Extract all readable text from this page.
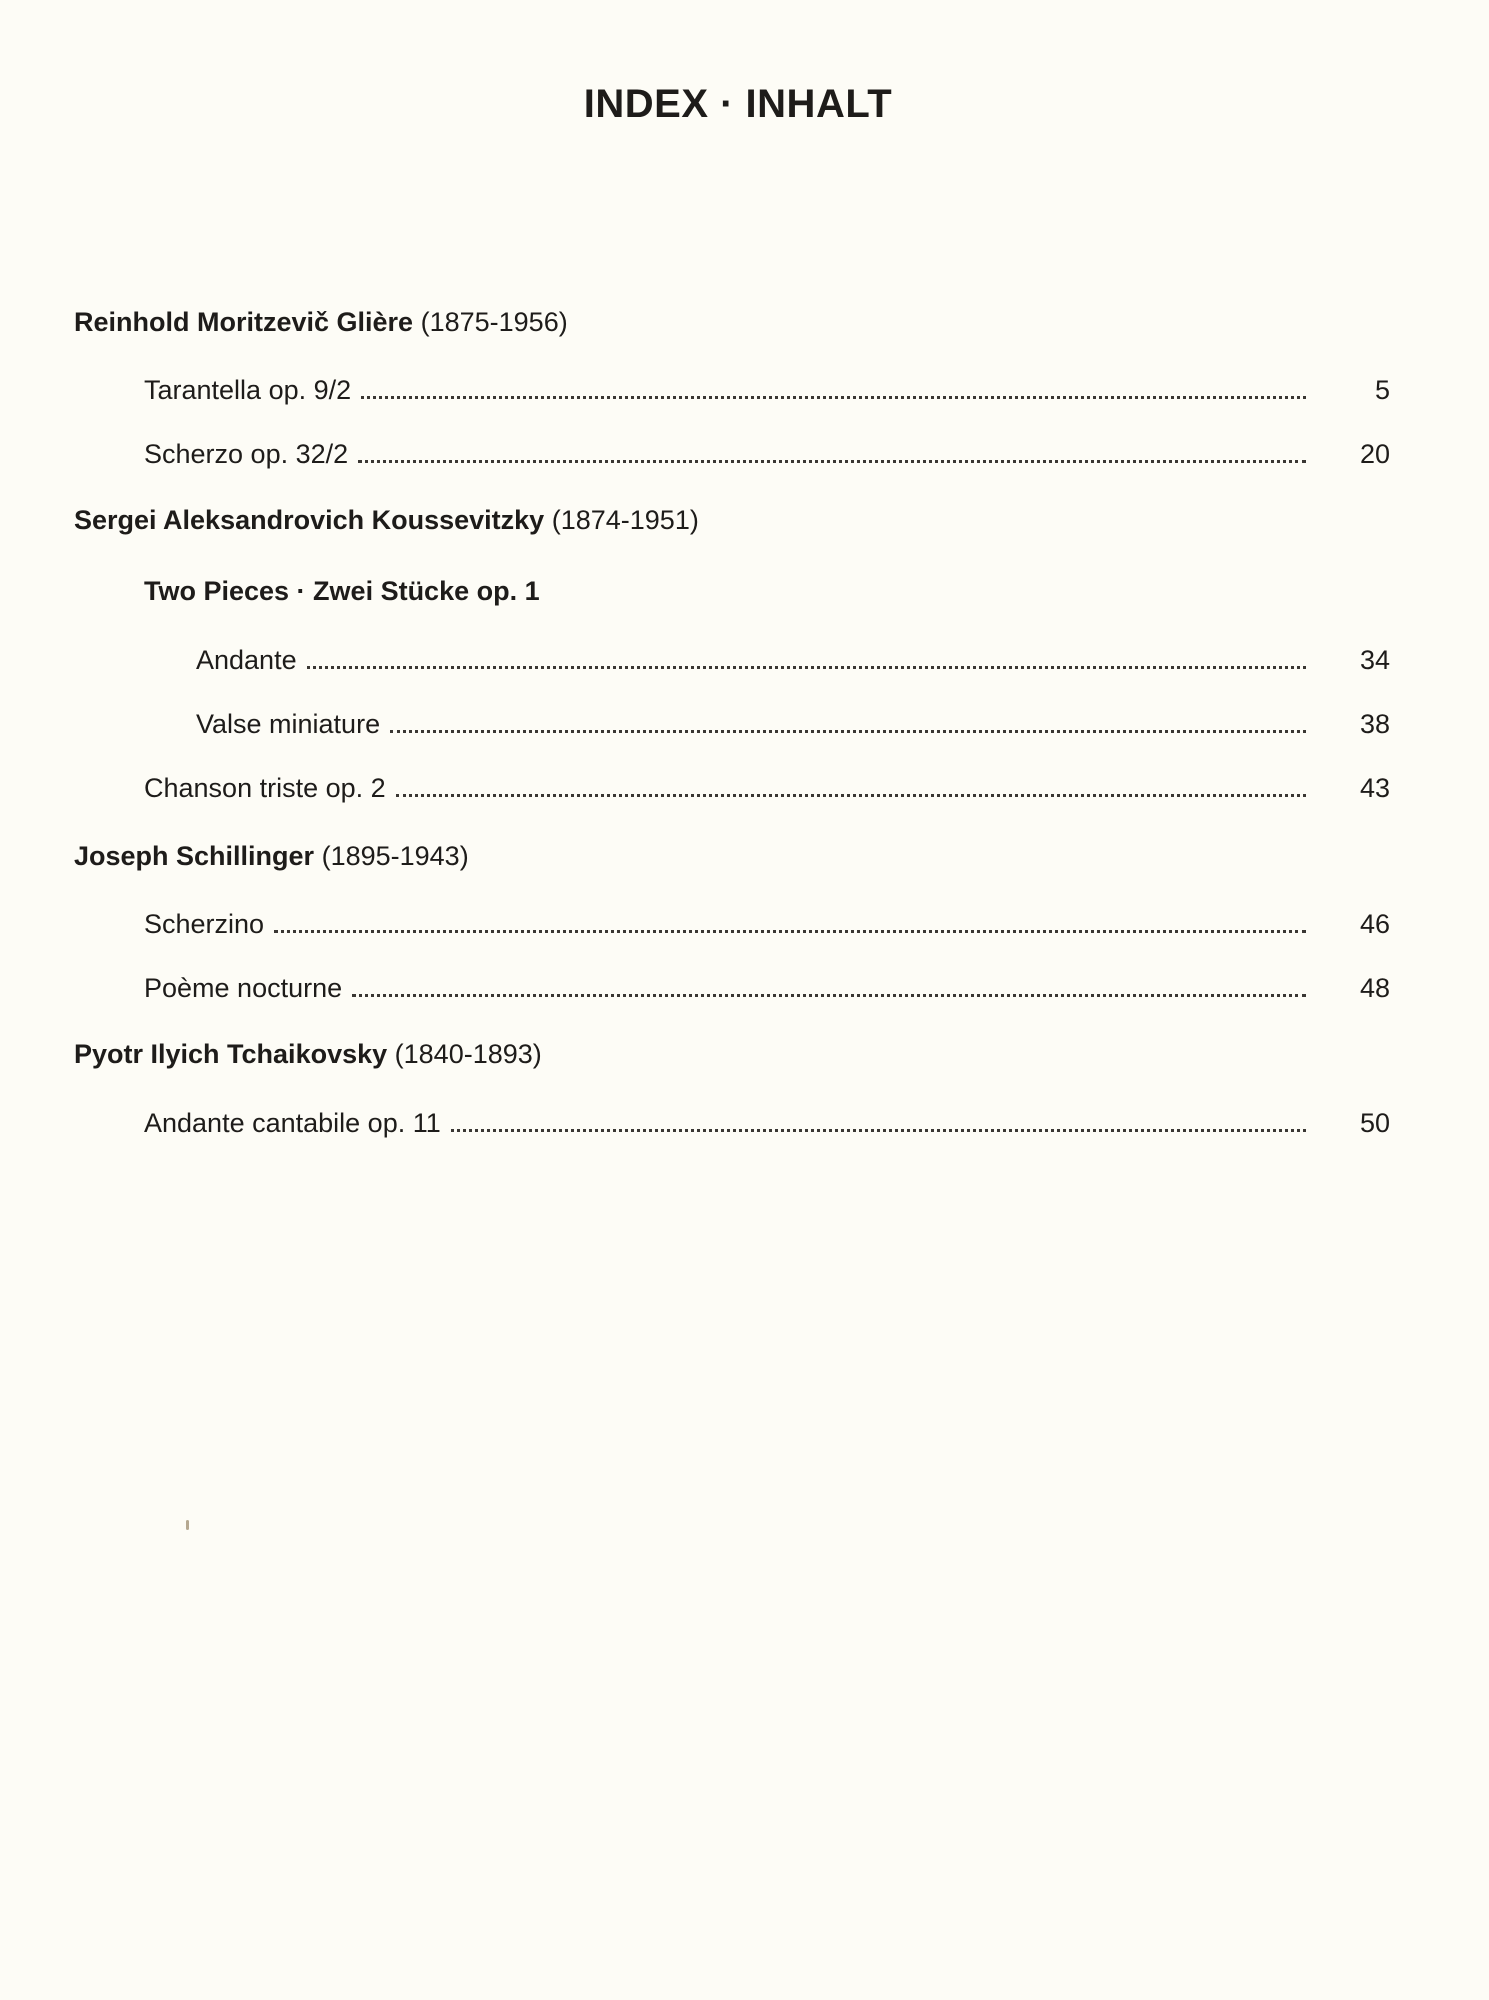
INDEX · INHALT

Reinhold Moritzevič Glière (1875-1956)

Tarantella op. 9/2	5
Scherzo op. 32/2	20

Sergei Aleksandrovich Koussevitzky (1874-1951)

Two Pieces · Zwei Stücke op. 1

Andante	34
Valse miniature	38
Chanson triste op. 2	43

Joseph Schillinger (1895-1943)

Scherzino	46
Poème nocturne	48

Pyotr Ilyich Tchaikovsky (1840-1893)

Andante cantabile op. 11	50
